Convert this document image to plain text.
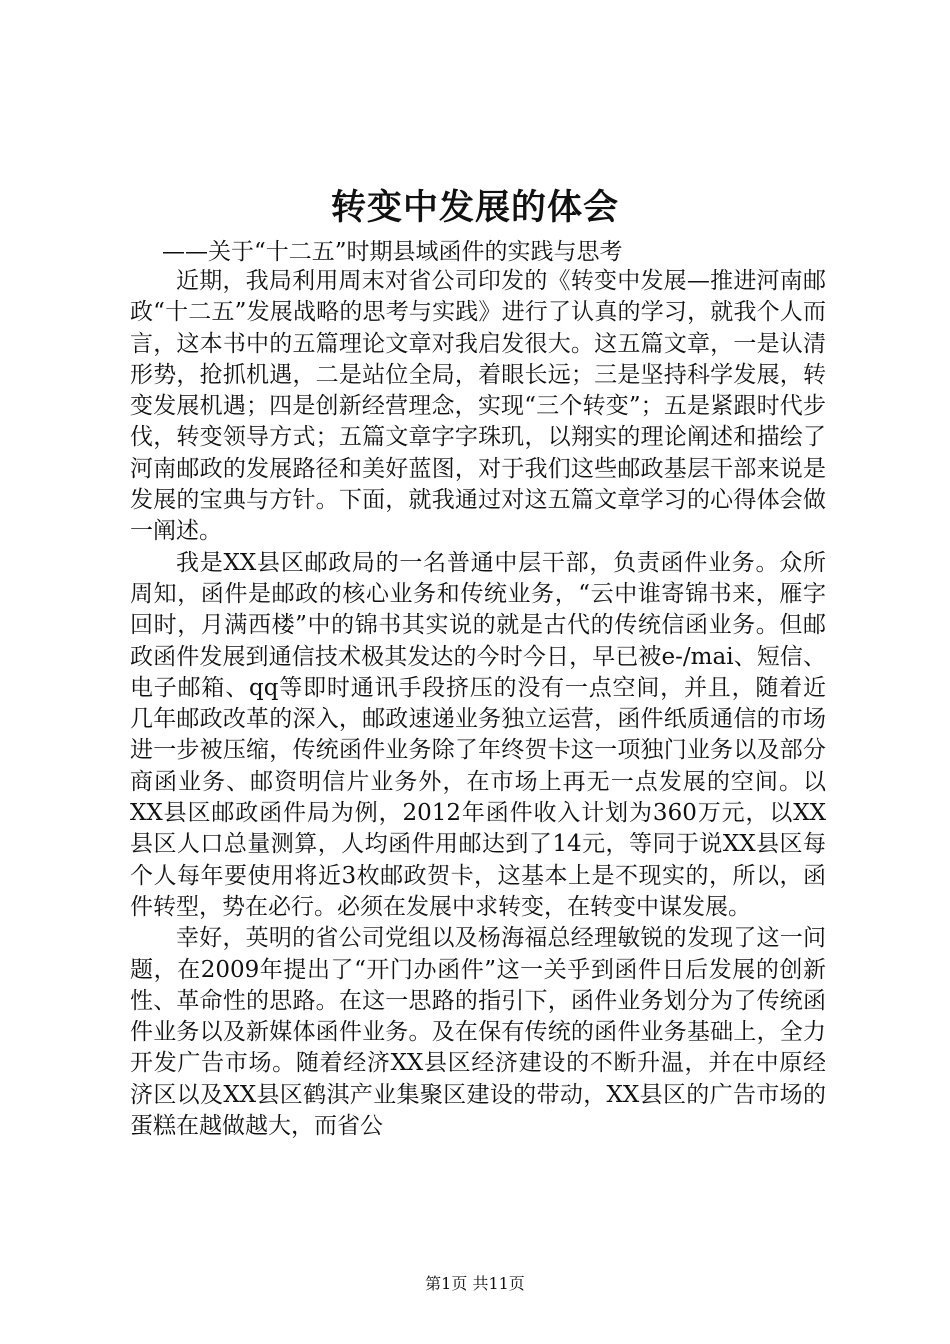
转变中发展的体会
——关于“十二五”时期县域函件的实践与思考

近期，我局利用周末对省公司印发的《转变中发展—推进河南邮政“十二五”发展战略的思考与实践》进行了认真的学习，就我个人而言，这本书中的五篇理论文章对我启发很大。这五篇文章，一是认清形势，抢抓机遇，二是站位全局，着眼长远；三是坚持科学发展，转变发展机遇；四是创新经营理念，实现“三个转变”；五是紧跟时代步伐，转变领导方式；五篇文章字字珠玑，以翔实的理论阐述和描绘了河南邮政的发展路径和美好蓝图，对于我们这些邮政基层干部来说是发展的宝典与方针。下面，就我通过对这五篇文章学习的心得体会做一阐述。

我是XX县区邮政局的一名普通中层干部，负责函件业务。众所周知，函件是邮政的核心业务和传统业务，“云中谁寄锦书来，雁字回时，月满西楼”中的锦书其实说的就是古代的传统信函业务。但邮政函件发展到通信技术极其发达的今时今日，早已被e-/mai、短信、电子邮箱、qq等即时通讯手段挤压的没有一点空间，并且，随着近几年邮政改革的深入，邮政速递业务独立运营，函件纸质通信的市场进一步被压缩，传统函件业务除了年终贺卡这一项独门业务以及部分商函业务、邮资明信片业务外，在市场上再无一点发展的空间。以XX县区邮政函件局为例，2012年函件收入计划为360万元，以XX县区人口总量测算，人均函件用邮达到了14元，等同于说XX县区每个人每年要使用将近3枚邮政贺卡，这基本上是不现实的，所以，函件转型，势在必行。必须在发展中求转变，在转变中谋发展。

幸好，英明的省公司党组以及杨海福总经理敏锐的发现了这一问题，在2009年提出了“开门办函件”这一关乎到函件日后发展的创新性、革命性的思路。在这一思路的指引下，函件业务划分为了传统函件业务以及新媒体函件业务。及在保有传统的函件业务基础上，全力开发广告市场。随着经济XX县区经济建设的不断升温，并在中原经济区以及XX县区鹤淇产业集聚区建设的带动，XX县区的广告市场的蛋糕在越做越大，而省公

第1页 共11页
